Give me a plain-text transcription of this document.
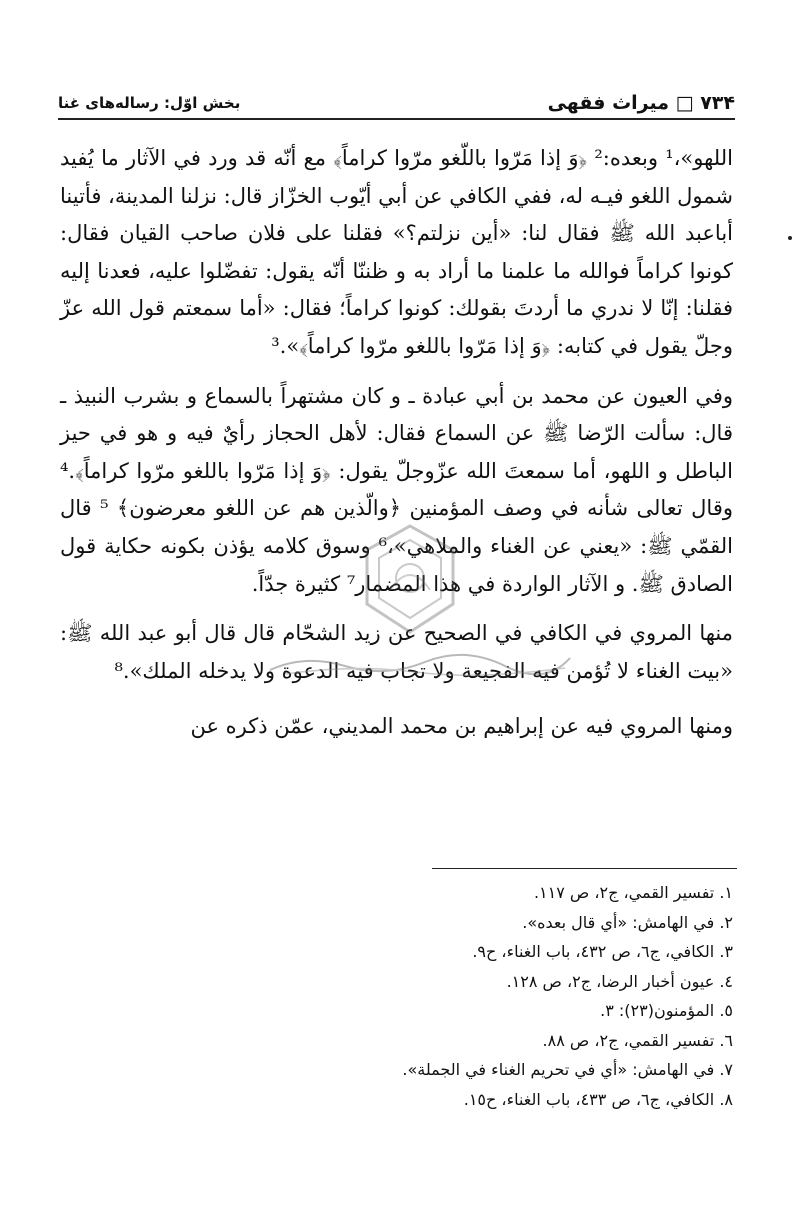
۷۳۴ □ میراث فقهی
بخش اوّل: رساله‌های غنا

اللهو»،¹ وبعده:² ﴿وَ إذا مَرّوا باللّغو مرّوا كراماً﴾ مع أنّه قد ورد في الآثار ما يُفيد شمول اللغو فيـه له، ففي الكافي عن أبي أيّوب الخزّاز قال: نزلنا المدينة، فأتينا أباعبد الله ﷺ فقال لنا: «أين نزلتم؟» فقلنا على فلان صاحب القيان فقال: كونوا كراماً فوالله ما علمنا ما أراد به و ظننّا أنّه يقول: تفضّلوا عليه، فعدنا إليه فقلنا: إنّا لا ندري ما أردتَ بقولك: كونوا كراماً؛ فقال: «أما سمعتم قول الله عزّ وجلّ يقول في كتابه: ﴿وَ إذا مَرّوا باللغو مرّوا كراماً﴾».³

وفي العيون عن محمد بن أبي عبادة ـ و كان مشتهراً بالسماع و بشرب النبيذ ـ قال: سألت الرّضا ﷺ عن السماع فقال: لأهل الحجاز رأيٌ فيه و هو في حيز الباطل و اللهو، أما سمعتَ الله عزّوجلّ يقول: ﴿وَ إذا مَرّوا باللغو مرّوا كراماً﴾.⁴ وقال تعالى شأنه في وصف المؤمنين ﴿والّذين هم عن اللغو معرضون﴾ ⁵ قال القمّي ﷺ: «يعني عن الغناء والملاهي»،⁶ وسوق كلامه يؤذن بكونه حكاية قول الصادق ﷺ. و الآثار الواردة في هذا المضمار⁷ كثيرة جدّاً.

منها المروي في الكافي في الصحيح عن زيد الشحّام قال قال أبو عبد الله ﷺ: «بيت الغناء لا تُؤمن فيه الفجيعة ولا تجاب فيه الدعوة ولا يدخله الملك».⁸

ومنها المروي فيه عن إبراهيم بن محمد المديني، عمّن ذكره عن

١. تفسير القمي، ج٢، ص ١١٧.
٢. في الهامش: «أي قال بعده».
٣. الكافي، ج٦، ص ٤٣٢، باب الغناء، ح٩.
٤. عيون أخبار الرضا، ج٢، ص ١٢٨.
٥. المؤمنون(٢٣): ٣.
٦. تفسير القمي، ج٢، ص ٨٨.
٧. في الهامش: «أي في تحريم الغناء في الجملة».
٨. الكافي، ج٦، ص ٤٣٣، باب الغناء، ح١٥.
